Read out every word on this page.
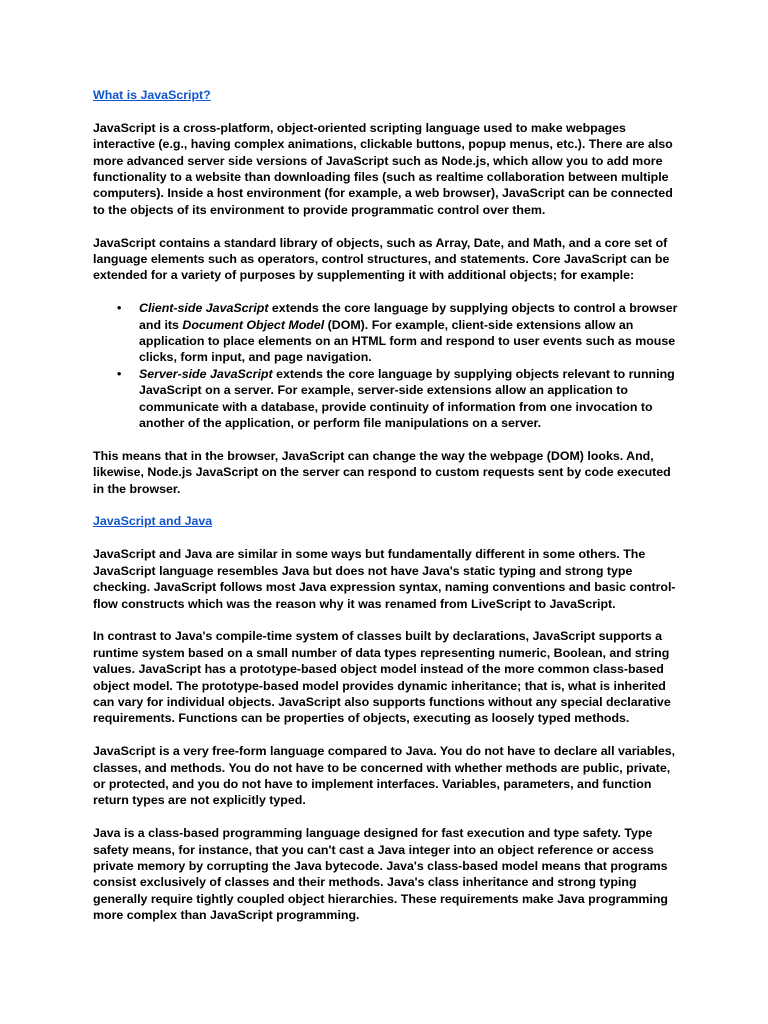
What is JavaScript?

JavaScript is a cross-platform, object-oriented scripting language used to make webpages interactive (e.g., having complex animations, clickable buttons, popup menus, etc.). There are also more advanced server side versions of JavaScript such as Node.js, which allow you to add more functionality to a website than downloading files (such as realtime collaboration between multiple computers). Inside a host environment (for example, a web browser), JavaScript can be connected to the objects of its environment to provide programmatic control over them.

JavaScript contains a standard library of objects, such as Array, Date, and Math, and a core set of language elements such as operators, control structures, and statements. Core JavaScript can be extended for a variety of purposes by supplementing it with additional objects; for example:

•	Client-side JavaScript extends the core language by supplying objects to control a browser and its Document Object Model (DOM). For example, client-side extensions allow an application to place elements on an HTML form and respond to user events such as mouse clicks, form input, and page navigation.
•	Server-side JavaScript extends the core language by supplying objects relevant to running JavaScript on a server. For example, server-side extensions allow an application to communicate with a database, provide continuity of information from one invocation to another of the application, or perform file manipulations on a server.

This means that in the browser, JavaScript can change the way the webpage (DOM) looks. And, likewise, Node.js JavaScript on the server can respond to custom requests sent by code executed in the browser.

JavaScript and Java

JavaScript and Java are similar in some ways but fundamentally different in some others. The JavaScript language resembles Java but does not have Java's static typing and strong type checking. JavaScript follows most Java expression syntax, naming conventions and basic control-flow constructs which was the reason why it was renamed from LiveScript to JavaScript.

In contrast to Java's compile-time system of classes built by declarations, JavaScript supports a runtime system based on a small number of data types representing numeric, Boolean, and string values. JavaScript has a prototype-based object model instead of the more common class-based object model. The prototype-based model provides dynamic inheritance; that is, what is inherited can vary for individual objects. JavaScript also supports functions without any special declarative requirements. Functions can be properties of objects, executing as loosely typed methods.

JavaScript is a very free-form language compared to Java. You do not have to declare all variables, classes, and methods. You do not have to be concerned with whether methods are public, private, or protected, and you do not have to implement interfaces. Variables, parameters, and function return types are not explicitly typed.

Java is a class-based programming language designed for fast execution and type safety. Type safety means, for instance, that you can't cast a Java integer into an object reference or access private memory by corrupting the Java bytecode. Java's class-based model means that programs consist exclusively of classes and their methods. Java's class inheritance and strong typing generally require tightly coupled object hierarchies. These requirements make Java programming more complex than JavaScript programming.
